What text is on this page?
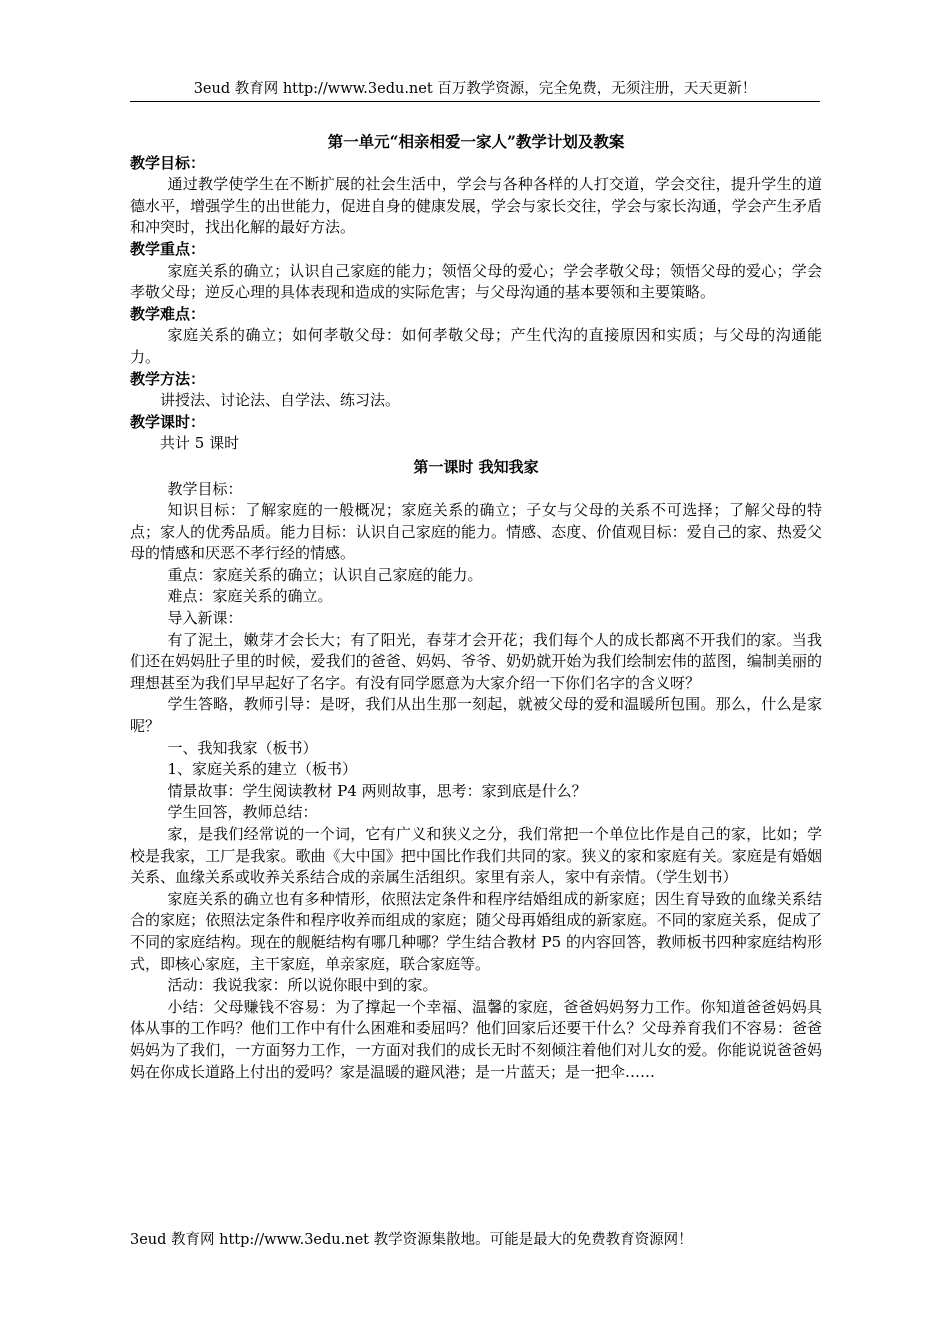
3eud 教育网 http://www.3edu.net 百万教学资源，完全免费，无须注册，天天更新！
第一单元“相亲相爱一家人”教学计划及教案
教学目标：
通过教学使学生在不断扩展的社会生活中，学会与各种各样的人打交道，学会交往，提升学生的道德水平，增强学生的出世能力，促进自身的健康发展，学会与家长交往，学会与家长沟通，学会产生矛盾和冲突时，找出化解的最好方法。
教学重点：
家庭关系的确立；认识自己家庭的能力；领悟父母的爱心；学会孝敬父母；领悟父母的爱心；学会孝敬父母；逆反心理的具体表现和造成的实际危害；与父母沟通的基本要领和主要策略。
教学难点：
家庭关系的确立；如何孝敬父母：如何孝敬父母；产生代沟的直接原因和实质；与父母的沟通能力。
教学方法：
讲授法、讨论法、自学法、练习法。
教学课时：
共计 5 课时
第一课时 我知我家
教学目标：
知识目标：了解家庭的一般概况；家庭关系的确立；子女与父母的关系不可选择；了解父母的特点；家人的优秀品质。能力目标：认识自己家庭的能力。情感、态度、价值观目标：爱自己的家、热爱父母的情感和厌恶不孝行经的情感。
重点：家庭关系的确立；认识自己家庭的能力。
难点：家庭关系的确立。
导入新课：
有了泥土，嫩芽才会长大；有了阳光，春芽才会开花；我们每个人的成长都离不开我们的家。当我们还在妈妈肚子里的时候，爱我们的爸爸、妈妈、爷爷、奶奶就开始为我们绘制宏伟的蓝图，编制美丽的理想甚至为我们早早起好了名字。有没有同学愿意为大家介绍一下你们名字的含义呀？
学生答略，教师引导：是呀，我们从出生那一刻起，就被父母的爱和温暖所包围。那么，什么是家呢？
一、我知我家（板书）
1、家庭关系的建立（板书）
情景故事：学生阅读教材 P4 两则故事，思考：家到底是什么？
学生回答，教师总结：
家，是我们经常说的一个词，它有广义和狭义之分，我们常把一个单位比作是自己的家，比如；学校是我家，工厂是我家。歌曲《大中国》把中国比作我们共同的家。狭义的家和家庭有关。家庭是有婚姻关系、血缘关系或收养关系结合成的亲属生活组织。家里有亲人，家中有亲情。（学生划书）
家庭关系的确立也有多种情形，依照法定条件和程序结婚组成的新家庭；因生育导致的血缘关系结合的家庭；依照法定条件和程序收养而组成的家庭；随父母再婚组成的新家庭。不同的家庭关系，促成了不同的家庭结构。现在的舰艇结构有哪几种哪？学生结合教材 P5 的内容回答，教师板书四种家庭结构形式，即核心家庭，主干家庭，单亲家庭，联合家庭等。
活动：我说我家：所以说你眼中到的家。
小结：父母赚钱不容易：为了撑起一个幸福、温馨的家庭，爸爸妈妈努力工作。你知道爸爸妈妈具体从事的工作吗？他们工作中有什么困难和委屈吗？他们回家后还要干什么？父母养育我们不容易：爸爸妈妈为了我们，一方面努力工作，一方面对我们的成长无时不刻倾注着他们对儿女的爱。你能说说爸爸妈妈在你成长道路上付出的爱吗？家是温暖的避风港；是一片蓝天；是一把伞……
3eud 教育网 http://www.3edu.net 教学资源集散地。可能是最大的免费教育资源网！
